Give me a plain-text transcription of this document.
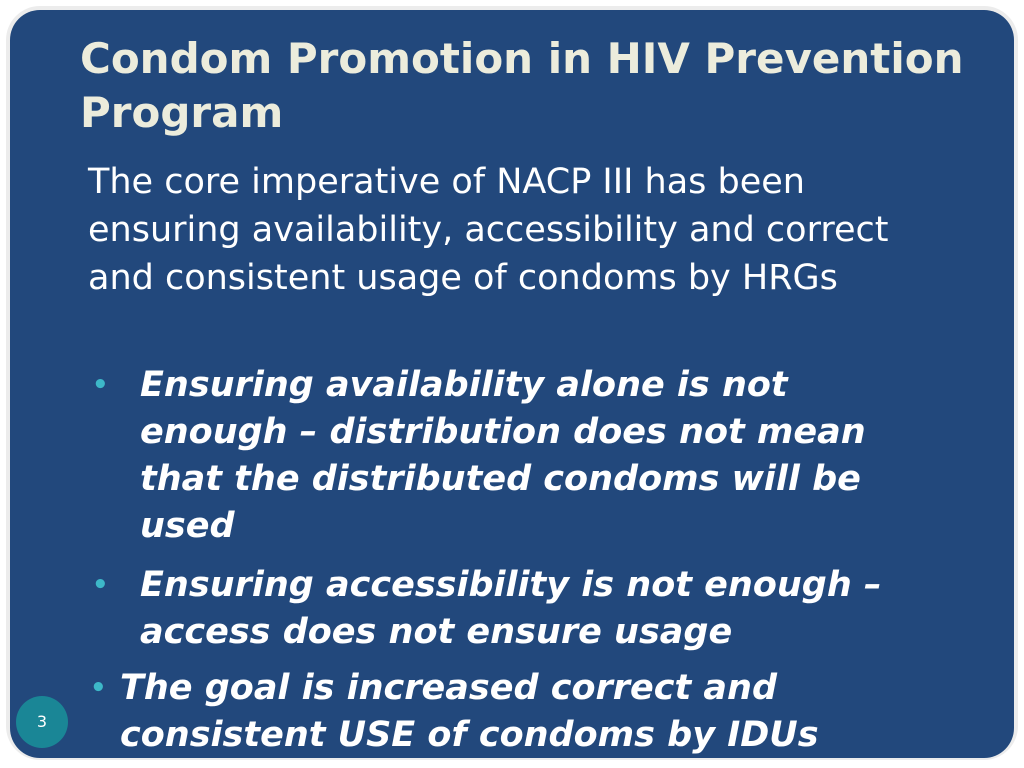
Condom Promotion in HIV Prevention Program

The core imperative of NACP III has been ensuring availability, accessibility and correct and consistent usage of condoms by HRGs

• Ensuring availability alone is not enough – distribution does not mean that the distributed condoms will be used

• Ensuring accessibility is not enough – access does not ensure usage

• The goal is increased correct and consistent USE of condoms by IDUs

3
